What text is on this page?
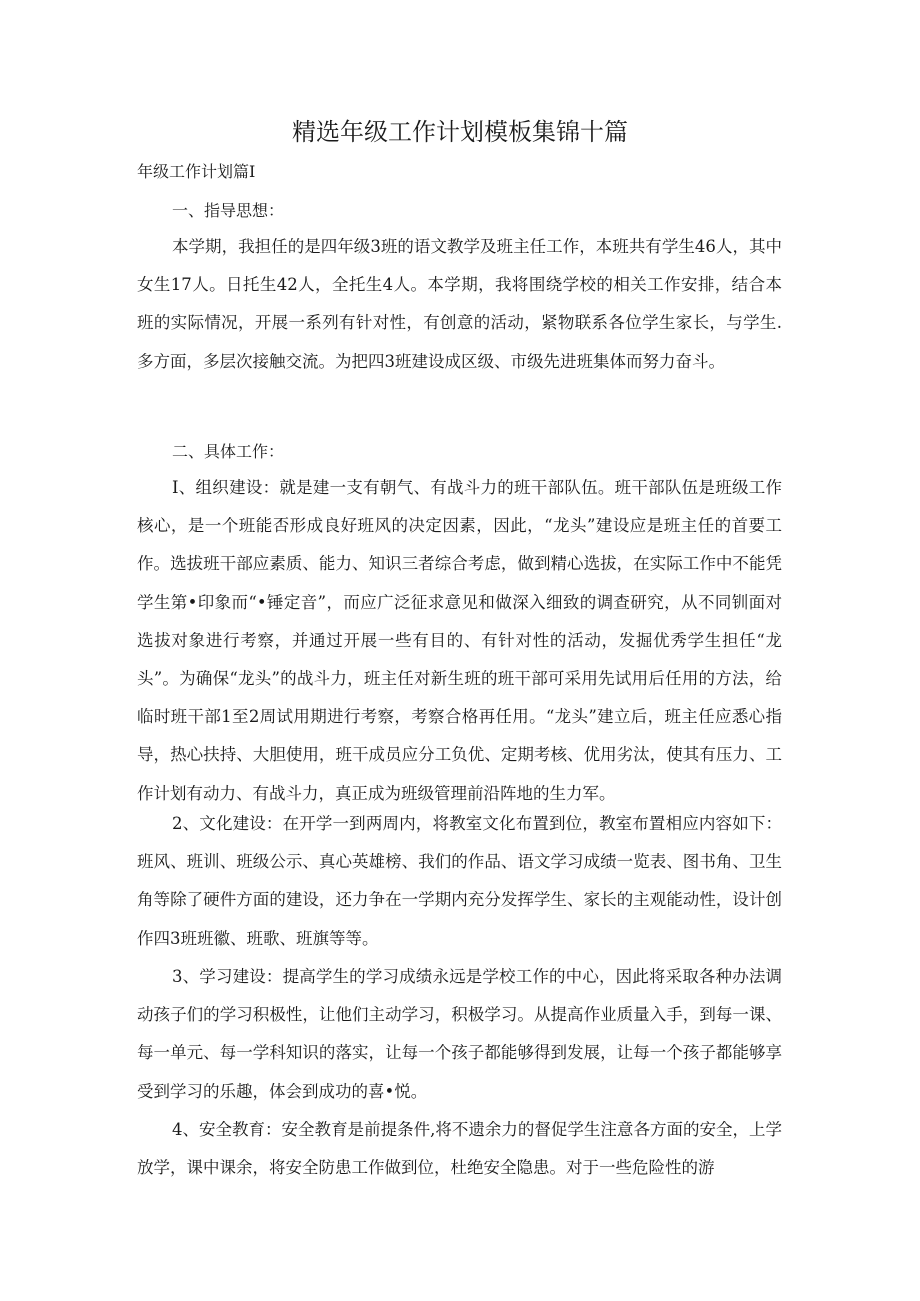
精选年级工作计划模板集锦十篇

年级工作计划篇I

一、指导思想：

本学期，我担任的是四年级3班的语文教学及班主任工作，本班共有学生46人，其中女生17人。日托生42人，全托生4人。本学期，我将围绕学校的相关工作安排，结合本班的实际情况，开展一系列有针对性，有创意的活动，紧物联系各位学生家长，与学生.多方面，多层次接触交流。为把四3班建设成区级、市级先进班集体而努力奋斗。

二、具体工作：

I、组织建设：就是建一支有朝气、有战斗力的班干部队伍。班干部队伍是班级工作核心，是一个班能否形成良好班风的决定因素，因此，“龙头”建设应是班主任的首要工作。选拔班干部应素质、能力、知识三者综合考虑，做到精心选拔，在实际工作中不能凭学生第•印象而“•锤定音”，而应广泛征求意见和做深入细致的调查研究，从不同钏面对选拔对象进行考察，并通过开展一些有目的、有针对性的活动，发掘优秀学生担任“龙头”。为确保“龙头”的战斗力，班主任对新生班的班干部可采用先试用后任用的方法，给临时班干部1至2周试用期进行考察，考察合格再任用。“龙头”建立后，班主任应悉心指导，热心扶持、大胆使用，班干成员应分工负优、定期考核、优用劣汰，使其有压力、工作计划有动力、有战斗力，真正成为班级管理前沿阵地的生力军。

2、文化建设：在开学一到两周内，将教室文化布置到位，教室布置相应内容如下：班风、班训、班级公示、真心英雄榜、我们的作品、语文学习成绩一览表、图书角、卫生角等除了硬件方面的建设，还力争在一学期内充分发挥学生、家长的主观能动性，设计创作四3班班徽、班歌、班旗等等。

3、学习建设：提高学生的学习成绩永远是学校工作的中心，因此将采取各种办法调动孩子们的学习积极性，让他们主动学习，积极学习。从提高作业质量入手，到每一课、每一单元、每一学科知识的落实，让每一个孩子都能够得到发展，让每一个孩子都能够享受到学习的乐趣，体会到成功的喜•悦。

4、安全教育：安全教育是前提条件,将不遗余力的督促学生注意各方面的安全，上学放学，课中课余，将安全防患工作做到位，杜绝安全隐患。对于一些危险性的游
